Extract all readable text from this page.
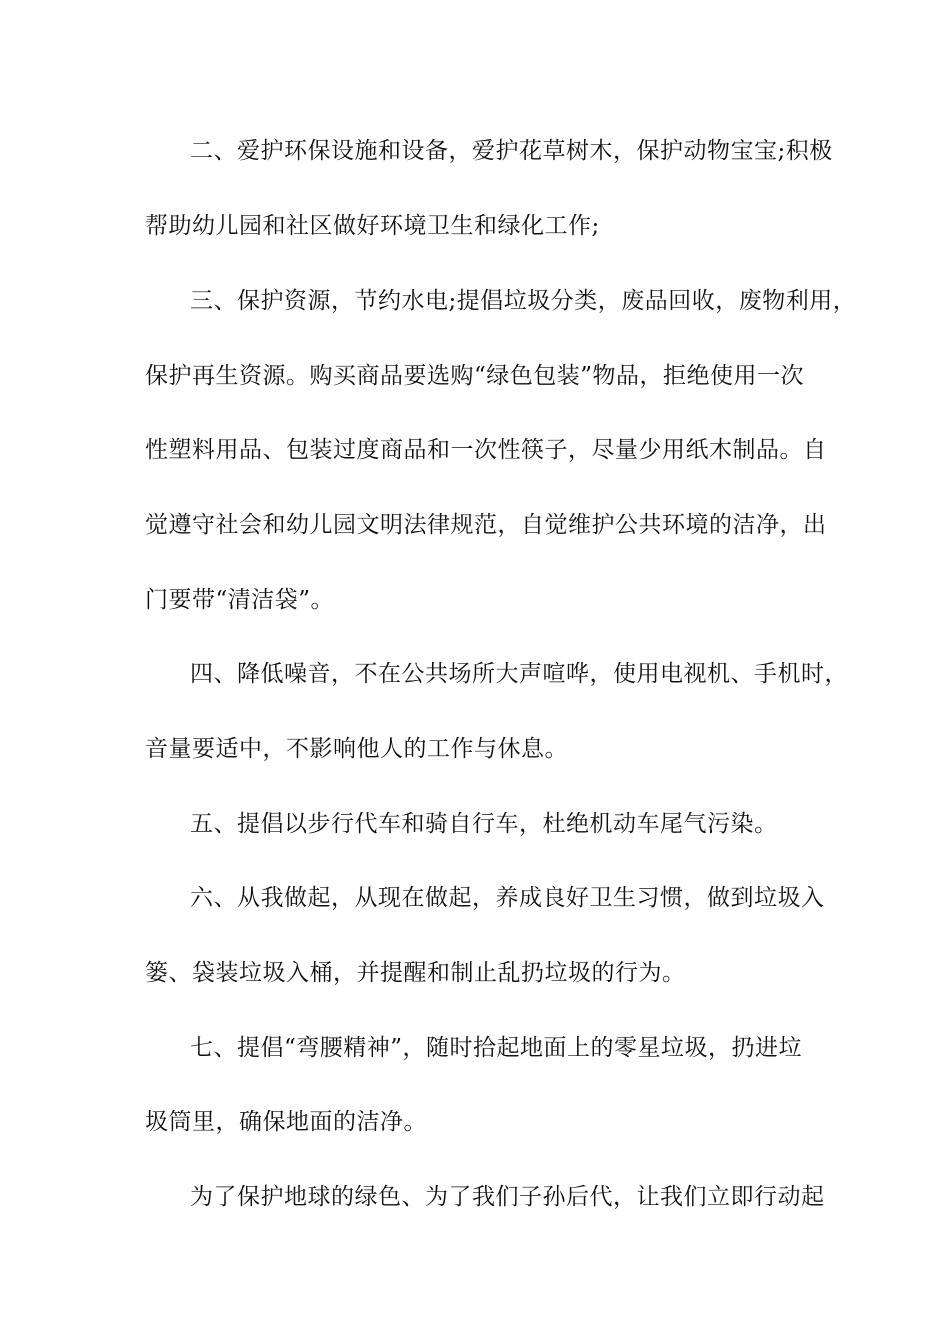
二、爱护环保设施和设备，爱护花草树木，保护动物宝宝;积极
帮助幼儿园和社区做好环境卫生和绿化工作;
三、保护资源，节约水电;提倡垃圾分类，废品回收，废物利用，
保护再生资源。购买商品要选购“绿色包装”物品，拒绝使用一次
性塑料用品、包装过度商品和一次性筷子，尽量少用纸木制品。自
觉遵守社会和幼儿园文明法律规范，自觉维护公共环境的洁净，出
门要带“清洁袋”。
四、降低噪音，不在公共场所大声喧哗，使用电视机、手机时，
音量要适中，不影响他人的工作与休息。
五、提倡以步行代车和骑自行车，杜绝机动车尾气污染。
六、从我做起，从现在做起，养成良好卫生习惯，做到垃圾入
篓、袋装垃圾入桶，并提醒和制止乱扔垃圾的行为。
七、提倡“弯腰精神”，随时拾起地面上的零星垃圾，扔进垃
圾筒里，确保地面的洁净。
为了保护地球的绿色、为了我们子孙后代，让我们立即行动起
